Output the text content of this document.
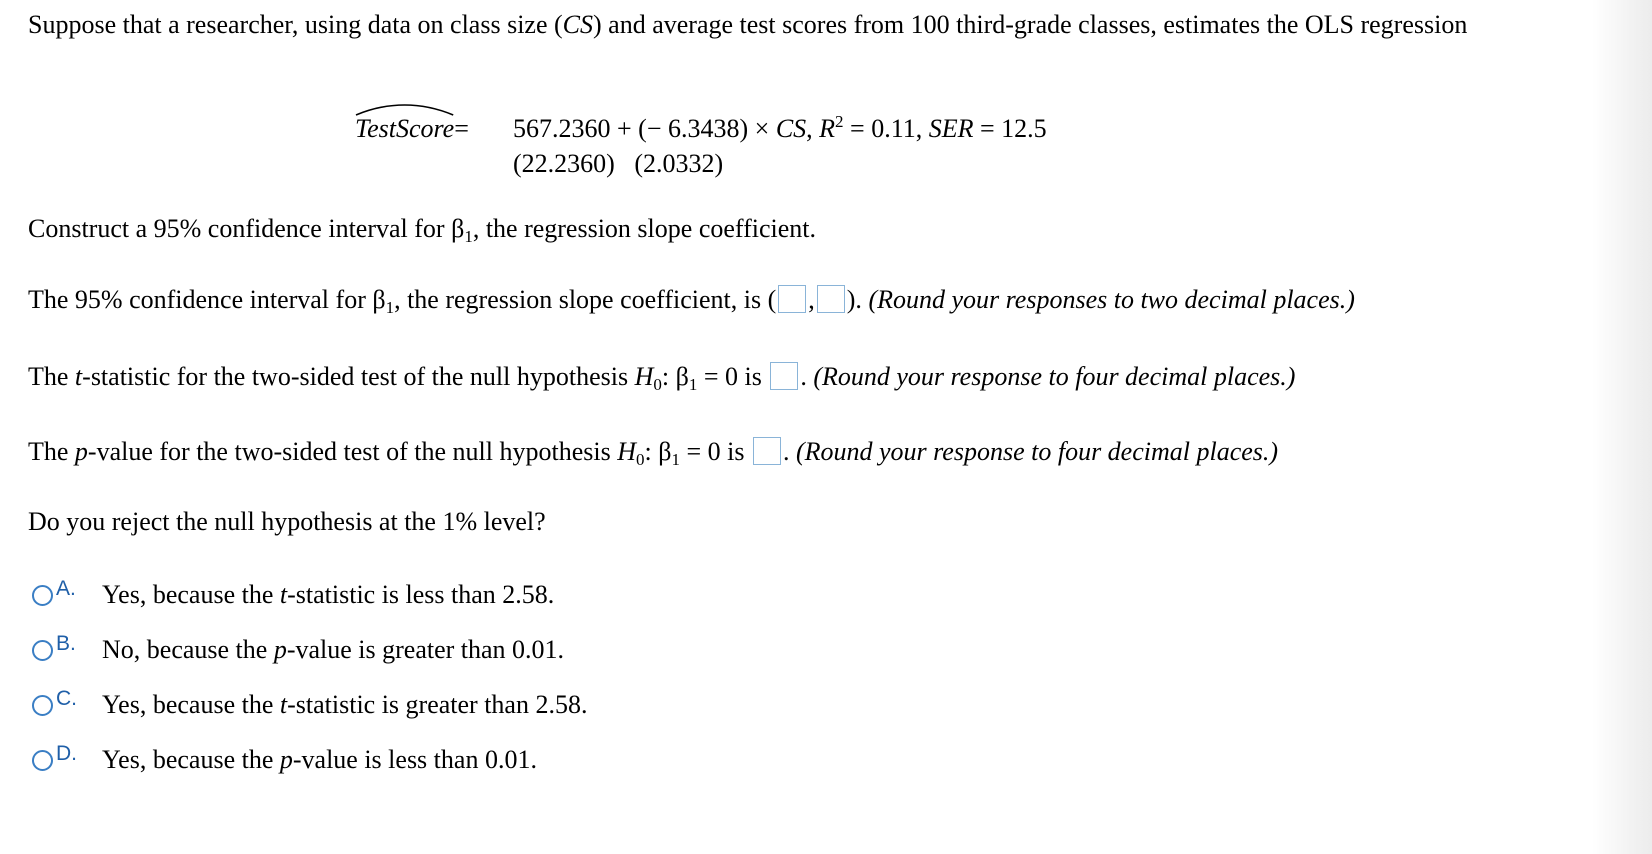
Suppose that a researcher, using data on class size (CS) and average test scores from 100 third-grade classes, estimates the OLS regression

TestScore= 567.2360 + (− 6.3438) × CS, $R^2 = 0.11$, SER = 12.5
(22.2360) (2.0332)
Construct a 95% confidence interval for $\beta_1$, the regression slope coefficient.
The 95% confidence interval for $\beta_1$, the regression slope coefficient, is ( , ). (Round your responses to two decimal places.)
The t-statistic for the two-sided test of the null hypothesis $H_0$: $\beta_1 = 0$ is . (Round your response to four decimal places.)
The p-value for the two-sided test of the null hypothesis $H_0$: $\beta_1 = 0$ is . (Round your response to four decimal places.)
Do you reject the null hypothesis at the 1% level?
A.	Yes, because the t-statistic is less than 2.58.
B.	No, because the p-value is greater than 0.01.
C. Yes, because the t-statistic is greater than 2.58.
D. Yes, because the p-value is less than 0.01.
